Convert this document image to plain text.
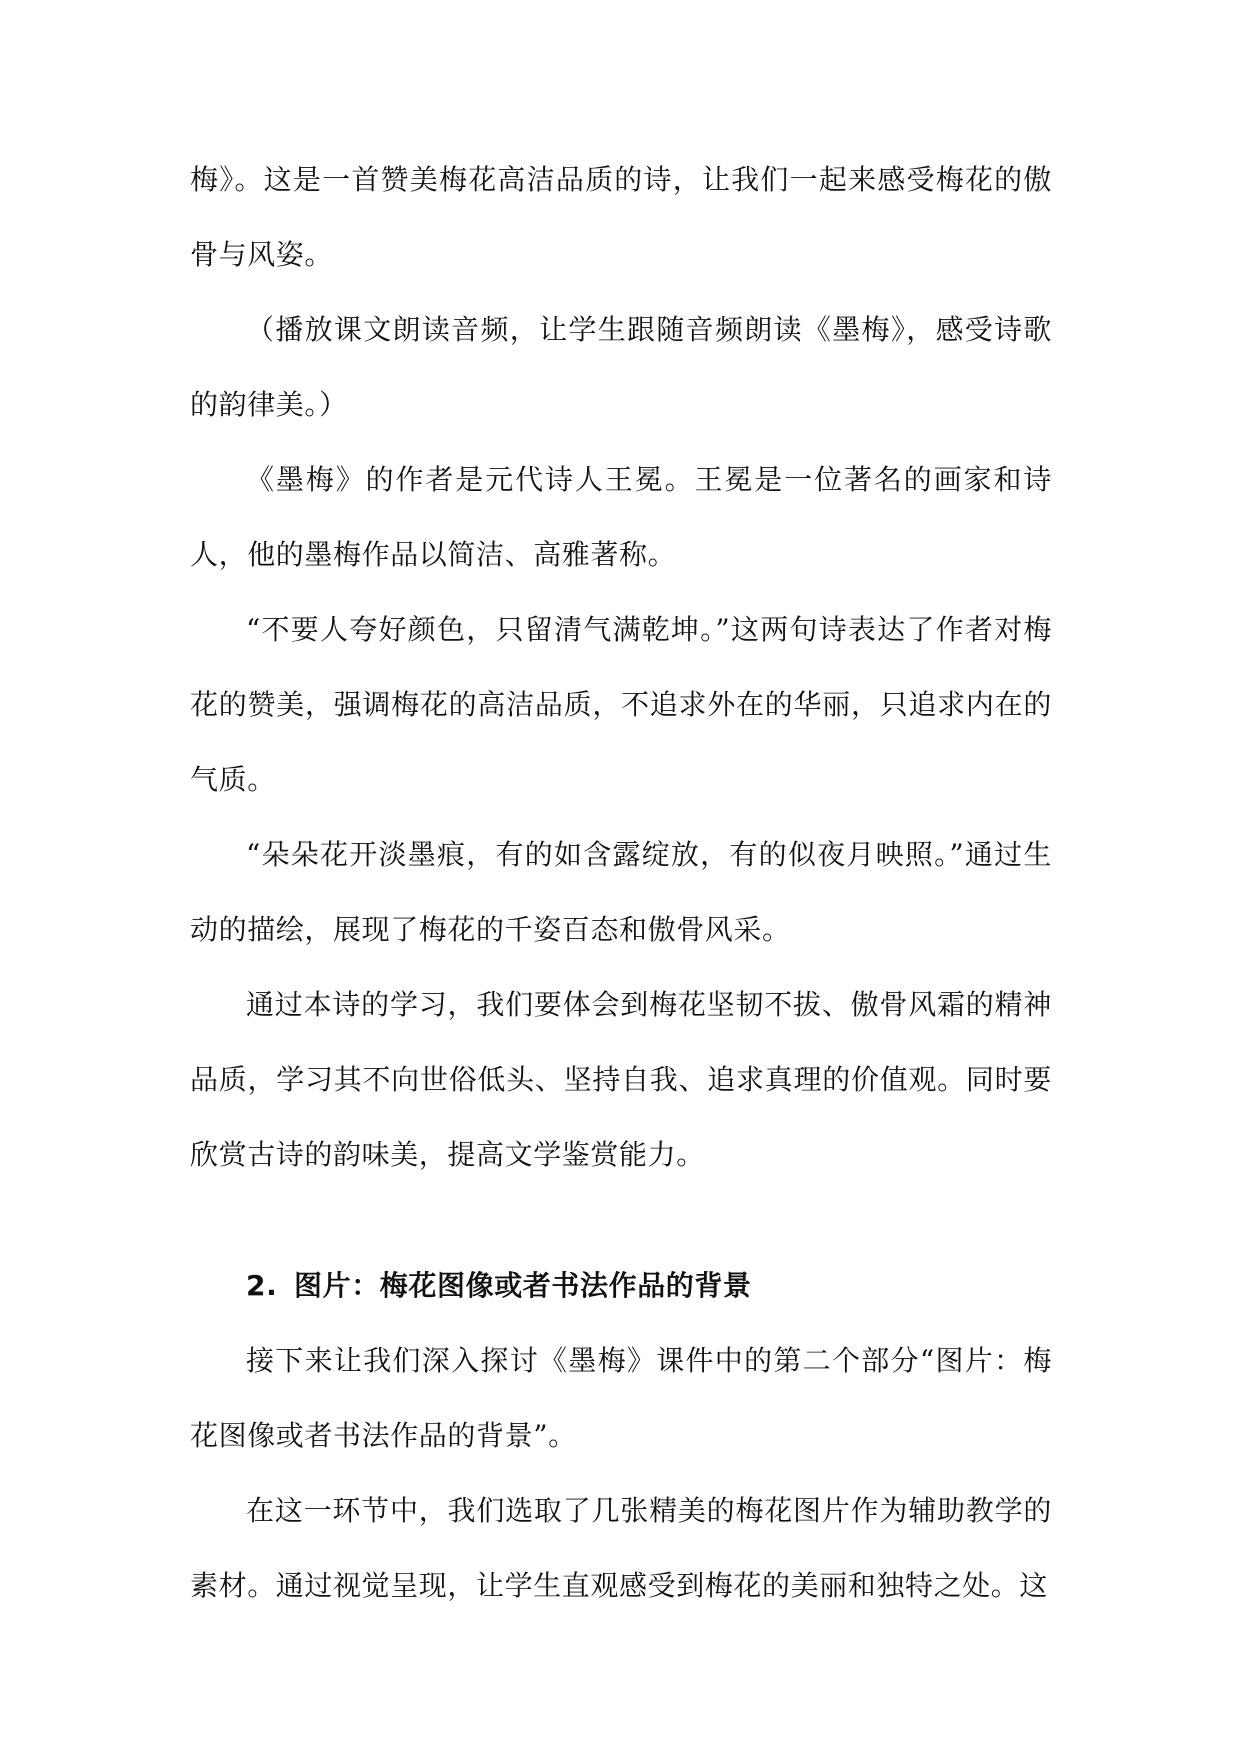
梅》。这是一首赞美梅花高洁品质的诗，让我们一起来感受梅花的傲骨与风姿。

（播放课文朗读音频，让学生跟随音频朗读《墨梅》，感受诗歌的韵律美。）

《墨梅》的作者是元代诗人王冕。王冕是一位著名的画家和诗人，他的墨梅作品以简洁、高雅著称。

“不要人夸好颜色，只留清气满乾坤。”这两句诗表达了作者对梅花的赞美，强调梅花的高洁品质，不追求外在的华丽，只追求内在的气质。

“朵朵花开淡墨痕，有的如含露绽放，有的似夜月映照。”通过生动的描绘，展现了梅花的千姿百态和傲骨风采。

通过本诗的学习，我们要体会到梅花坚韧不拔、傲骨风霜的精神品质，学习其不向世俗低头、坚持自我、追求真理的价值观。同时要欣赏古诗的韵味美，提高文学鉴赏能力。

2. 图片：梅花图像或者书法作品的背景

接下来让我们深入探讨《墨梅》课件中的第二个部分“图片：梅花图像或者书法作品的背景”。

在这一环节中，我们选取了几张精美的梅花图片作为辅助教学的素材。通过视觉呈现，让学生直观感受到梅花的美丽和独特之处。这
